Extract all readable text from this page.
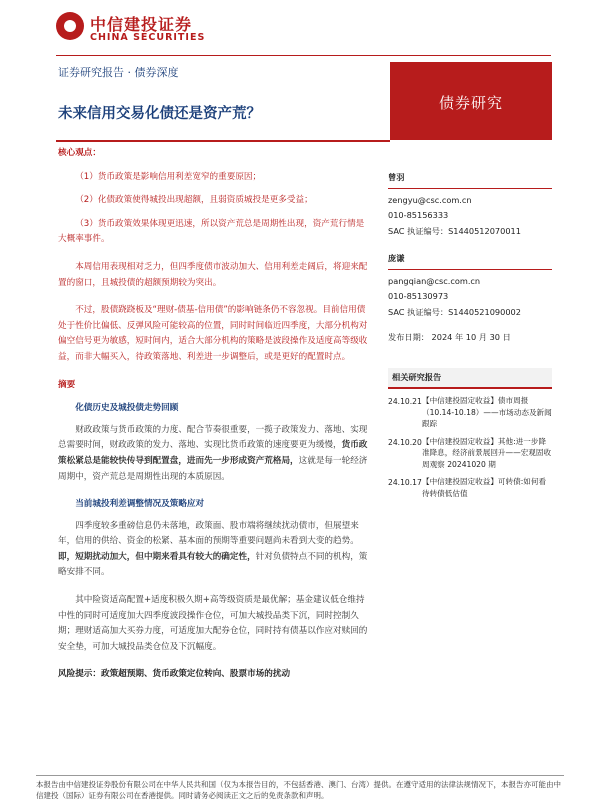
中信建投证券
CHINA SECURITIES
证券研究报告 · 债券深度
未来信用交易化债还是资产荒？
债券研究

核心观点：

（1）货币政策是影响信用利差宽窄的重要原因；

（2）化债政策使得城投出现超额，且弱资质城投是更多受益；

（3）货币政策效果体现更迅速，所以资产荒总是周期性出现，资产荒行情是大概率事件。

本周信用表现相对乏力，但四季度债市波动加大、信用利差走阔后，将迎来配置的窗口，且城投债的超额预期较为突出。

不过，股债跷跷板及“理财-债基-信用债”的影响链条仍不容忽视。目前信用债处于性价比偏低、反弹风险可能较高的位置，同时时间临近四季度，大部分机构对偏空信号更为敏感，短时间内，适合大部分机构的策略是波段操作及适度高等级收益，而非大幅买入，待政策落地、利差进一步调整后，或是更好的配置时点。

摘要

化债历史及城投债走势回顾

财政政策与货币政策的力度、配合节奏很重要，一揽子政策发力、落地、实现总需要时间，财政政策的发力、落地、实现比货币政策的速度要更为缓慢，货币政策松紧总是能较快传导到配置盘，进而先一步形成资产荒格局，这就是每一轮经济周期中，资产荒总是周期性出现的本质原因。

当前城投利差调整情况及策略应对

四季度较多重磅信息仍未落地，政策面、股市端将继续扰动债市，但展望来年，信用的供给、资金的松紧、基本面的预期等重要问题尚未看到大变的趋势。即，短期扰动加大，但中期来看具有较大的确定性，针对负债特点不同的机构，策略安排不同。

其中险资适高配置+适度积极久期+高等级资质是最优解；基金建议低仓维持中性的同时可适度加大四季度波段操作仓位，可加大城投品类下沉，同时控制久期；理财适高加大买券力度，可适度加大配券仓位，同时持有债基以作应对赎回的安全垫，可加大城投品类仓位及下沉幅度。

风险提示：政策超预期、货币政策定位转向、股票市场的扰动

曾羽

zengyu@csc.com.cn

010-85156333

SAC 执证编号：S1440512070011

庞谦

pangqian@csc.com.cn

010-85130973

SAC 执证编号：S1440521090002

发布日期： 2024 年 10 月 30 日

相关研究报告
24.10.21 【中信建投固定收益】债市周报（10.14-10.18）——市场动态及新闻跟踪
24.10.20 【中信建投固定收益】其他:进一步降准降息，经济前景展回升——宏观固收周观察 20241020 期
24.10.17 【中信建投固定收益】可转债:如何看待转债低估值
本报告由中信建投证券股份有限公司在中华人民共和国（仅为本报告目的，不包括香港、澳门、台湾）提供。在遵守适用的法律法规情况下，本报告亦可能由中信建投（国际）证券有限公司在香港提供。同时请务必阅读正文之后的免责条款和声明。
